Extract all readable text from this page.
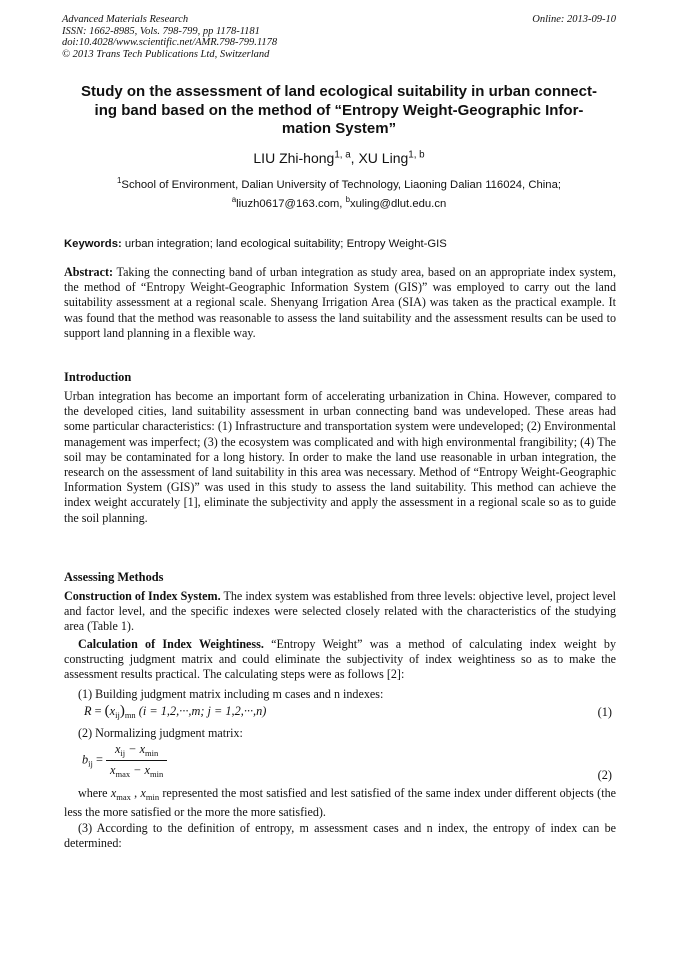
Advanced Materials Research
ISSN: 1662-8985, Vols. 798-799, pp 1178-1181
doi:10.4028/www.scientific.net/AMR.798-799.1178
© 2013 Trans Tech Publications Ltd, Switzerland
Online: 2013-09-10
Study on the assessment of land ecological suitability in urban connect-
ing band based on the method of “Entropy Weight-Geographic Infor-
mation System”
LIU Zhi-hong$^{1, a}$, XU Ling$^{1, b}$
$^1$School of Environment, Dalian University of Technology, Liaoning Dalian 116024, China;
$^a$liuzh0617@163.com, $^b$xuling@dlut.edu.cn
Keywords: urban integration; land ecological suitability; Entropy Weight-GIS
Abstract: Taking the connecting band of urban integration as study area, based on an appropriate index system, the method of “Entropy Weight-Geographic Information System (GIS)” was employed to carry out the land suitability assessment at a regional scale. Shenyang Irrigation Area (SIA) was taken as the practical example. It was found that the method was reasonable to assess the land suitability and the assessment results can be used to support land planning in a flexible way.
Introduction
Urban integration has become an important form of accelerating urbanization in China. However, compared to the developed cities, land suitability assessment in urban connecting band was undeveloped. These areas had some particular characteristics: (1) Infrastructure and transportation system were undeveloped; (2) Environmental management was imperfect; (3) the ecosystem was complicated and with high environmental frangibility; (4) The soil may be contaminated for a long history. In order to make the land use reasonable in urban integration, the research on the assessment of land suitability in this area was necessary. Method of “Entropy Weight-Geographic Information System (GIS)” was used in this study to assess the land suitability. This method can achieve the index weight accurately [1], eliminate the subjectivity and apply the assessment in a regional scale so as to guide the soil planning.
Assessing Methods
Construction of Index System. The index system was established from three levels: objective level, project level and factor level, and the specific indexes were selected closely related with the characteristics of the studying area (Table 1).
Calculation of Index Weightiness. “Entropy Weight” was a method of calculating index weight by constructing judgment matrix and could eliminate the subjectivity of index weightiness so as to make the assessment results practical. The calculating steps were as follows [2]:
(1) Building judgment matrix including m cases and n indexes:
$R = (x_{ij})_{mn}$ (i = 1,2,···,m; j = 1,2,···,n)	(1)
(2) Normalizing judgment matrix:
$b_{ij} = \frac{x_{ij} - x_{min}}{x_{max} - x_{min}}$	(2)
where $x_{max}$ , $x_{min}$ represented the most satisfied and lest satisfied of the same index under different objects (the less the more satisfied or the more the more satisfied).
(3) According to the definition of entropy, m assessment cases and n index, the entropy of index can be determined:
